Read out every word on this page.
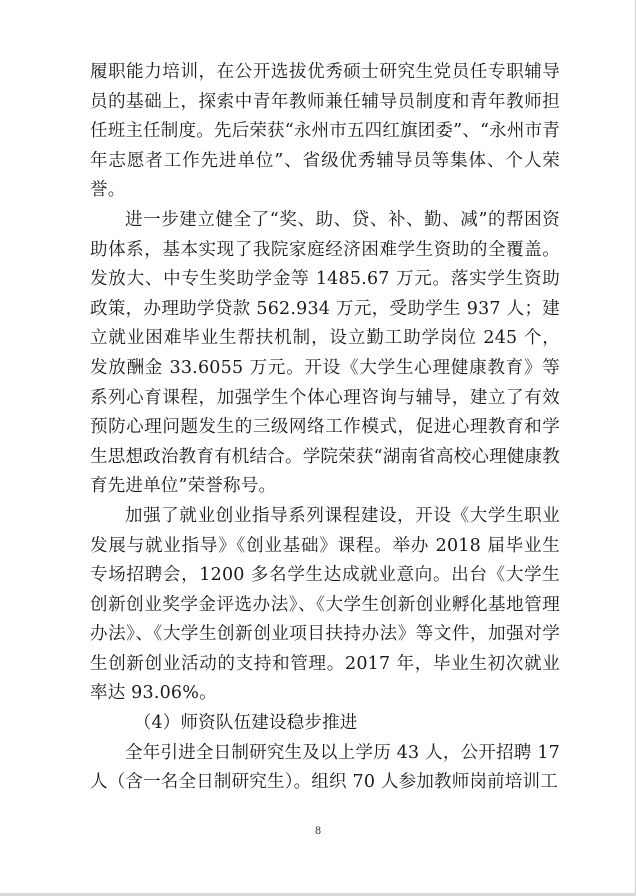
履职能力培训，在公开选拔优秀硕士研究生党员任专职辅导员的基础上，探索中青年教师兼任辅导员制度和青年教师担任班主任制度。先后荣获“永州市五四红旗团委”、“永州市青年志愿者工作先进单位”、省级优秀辅导员等集体、个人荣誉。

进一步建立健全了“奖、助、贷、补、勤、减”的帮困资助体系，基本实现了我院家庭经济困难学生资助的全覆盖。发放大、中专生奖助学金等 1485.67 万元。落实学生资助政策，办理助学贷款 562.934 万元，受助学生 937 人；建立就业困难毕业生帮扶机制，设立勤工助学岗位 245 个，发放酬金 33.6055 万元。开设《大学生心理健康教育》等系列心育课程，加强学生个体心理咨询与辅导，建立了有效预防心理问题发生的三级网络工作模式，促进心理教育和学生思想政治教育有机结合。学院荣获“湖南省高校心理健康教育先进单位”荣誉称号。

加强了就业创业指导系列课程建设，开设《大学生职业发展与就业指导》《创业基础》课程。举办 2018 届毕业生专场招聘会，1200 多名学生达成就业意向。出台《大学生创新创业奖学金评选办法》、《大学生创新创业孵化基地管理办法》、《大学生创新创业项目扶持办法》等文件，加强对学生创新创业活动的支持和管理。2017 年，毕业生初次就业率达 93.06%。

（4）师资队伍建设稳步推进

全年引进全日制研究生及以上学历 43 人，公开招聘 17 人（含一名全日制研究生）。组织 70 人参加教师岗前培训工

8
